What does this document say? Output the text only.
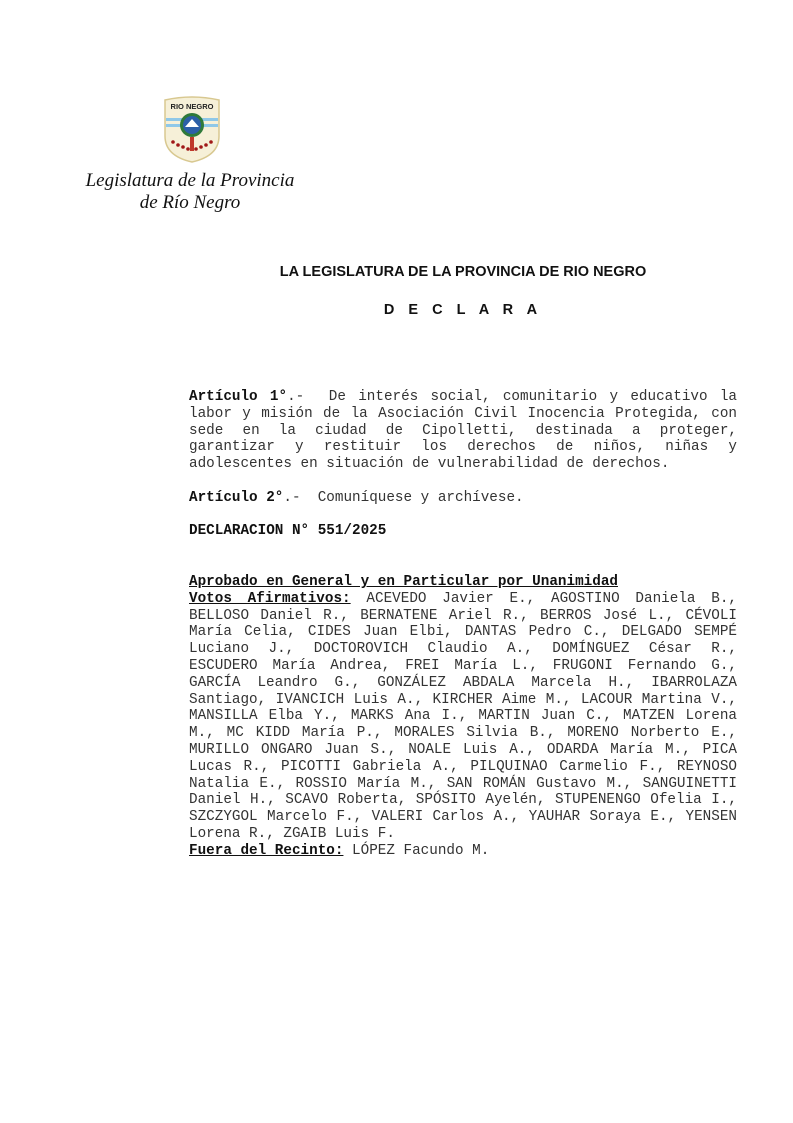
RIO NEGRO
Legislatura de la Provincia
de Río Negro
LA LEGISLATURA DE LA PROVINCIA DE RIO NEGRO
D E C L A R A
Artículo 1°.- De interés social, comunitario y educativo la labor y misión de la Asociación Civil Inocencia Protegida, con sede en la ciudad de Cipolletti, destinada a proteger, garantizar y restituir los derechos de niños, niñas y adolescentes en situación de vulnerabilidad de derechos.
Artículo 2°.- Comuníquese y archívese.
DECLARACION N° 551/2025
Aprobado en General y en Particular por Unanimidad
Votos Afirmativos: ACEVEDO Javier E., AGOSTINO Daniela B., BELLOSO Daniel R., BERNATENE Ariel R., BERROS José L., CÉVOLI María Celia, CIDES Juan Elbi, DANTAS Pedro C., DELGADO SEMPÉ Luciano J., DOCTOROVICH Claudio A., DOMÍNGUEZ César R., ESCUDERO María Andrea, FREI María L., FRUGONI Fernando G., GARCÍA Leandro G., GONZÁLEZ ABDALA Marcela H., IBARROLAZA Santiago, IVANCICH Luis A., KIRCHER Aime M., LACOUR Martina V., MANSILLA Elba Y., MARKS Ana I., MARTIN Juan C., MATZEN Lorena M., MC KIDD María P., MORALES Silvia B., MORENO Norberto E., MURILLO ONGARO Juan S., NOALE Luis A., ODARDA María M., PICA Lucas R., PICOTTI Gabriela A., PILQUINAO Carmelio F., REYNOSO Natalia E., ROSSIO María M., SAN ROMÁN Gustavo M., SANGUINETTI Daniel H., SCAVO Roberta, SPÓSITO Ayelén, STUPENENGO Ofelia I., SZCZYGOL Marcelo F., VALERI Carlos A., YAUHAR Soraya E., YENSEN Lorena R., ZGAIB Luis F.
Fuera del Recinto: LÓPEZ Facundo M.
